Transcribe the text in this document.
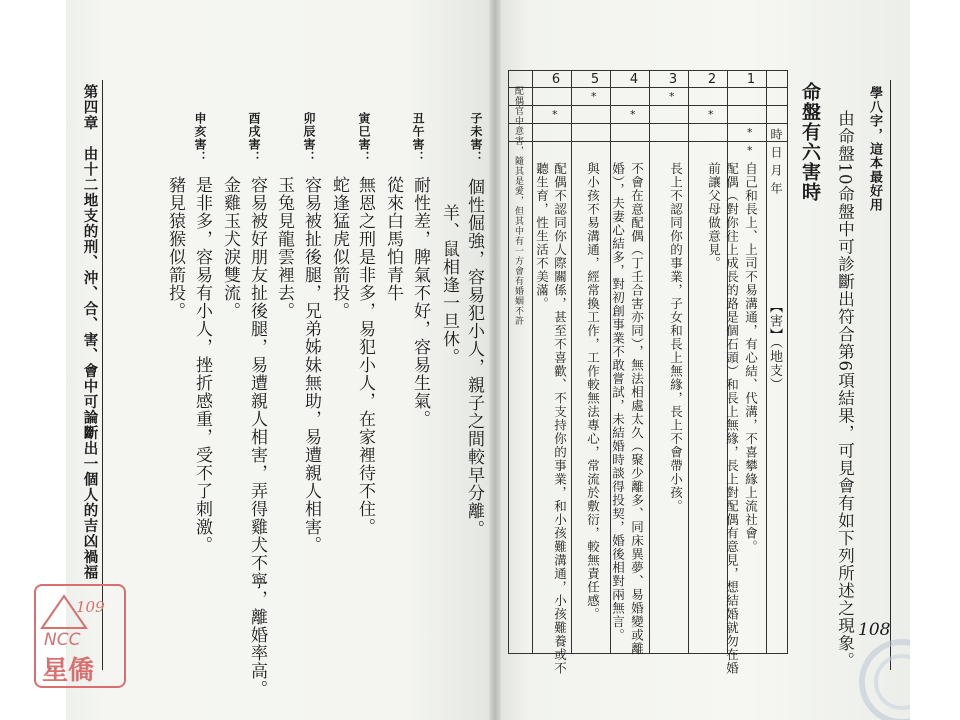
第四章　由十二地支的刑、沖、合、害、會中可論斷出一個人的吉凶禍福	子未害：
個性倔強，容易犯小人，親子之間較早分離。
羊、鼠相逢一旦休。
丑午害：
耐性差，脾氣不好，容易生氣。
從來白馬怕青牛
寅巳害：
無恩之刑是非多，易犯小人，在家裡待不住。
蛇逢猛虎似箭投。
卯辰害：
容易被扯後腿，兄弟姊妹無助，易遭親人相害。
玉兔見龍雲裡去。
酉戌害：
容易被好朋友扯後腿，易遭親人相害，弄得雞犬不寧，離婚率高。
金雞玉犬淚雙流。
申亥害：
是非多，容易有小人，挫折感重，受不了刺激。
豬見猿猴似箭投。
學八字，這本最好用
由命盤10命盤中可診斷出符合第6項結果，可見會有如下列所述之現象。
命盤有六害時
時
日
月
年
1
2
3
4
5
6
*
*
*
*
*
*
*
【害】（地支）
自己和長上、上司不易溝通，有心結、代溝，不喜攀緣上流社會。
配偶（對你往上成長的路是個石頭）和長上無緣，長上對配偶有意見，想結婚就勿在婚
前讓父母做意見。
長上不認同你的事業，子女和長上無緣，長上不會帶小孩。
不會在意配偶（丁壬合害亦同），無法相處太久（聚少離多、同床異夢、易婚變或離
婚），夫妻心結多，對初創事業不敢嘗試，未結婚時談得投契，婚後相對兩無言。
與小孩不易溝通，經常換工作，工作較無法專心，常流於敷衍，較無責任感。
配偶不認同你人際關係，甚至不喜歡、不支持你的事業，和小孩難溝通，小孩難養或不
聽生育，性生活不美滿。
配偶官中意害，隨其是愛，但其中有一方會有婚姻不許
108
109
NCC
星僑
